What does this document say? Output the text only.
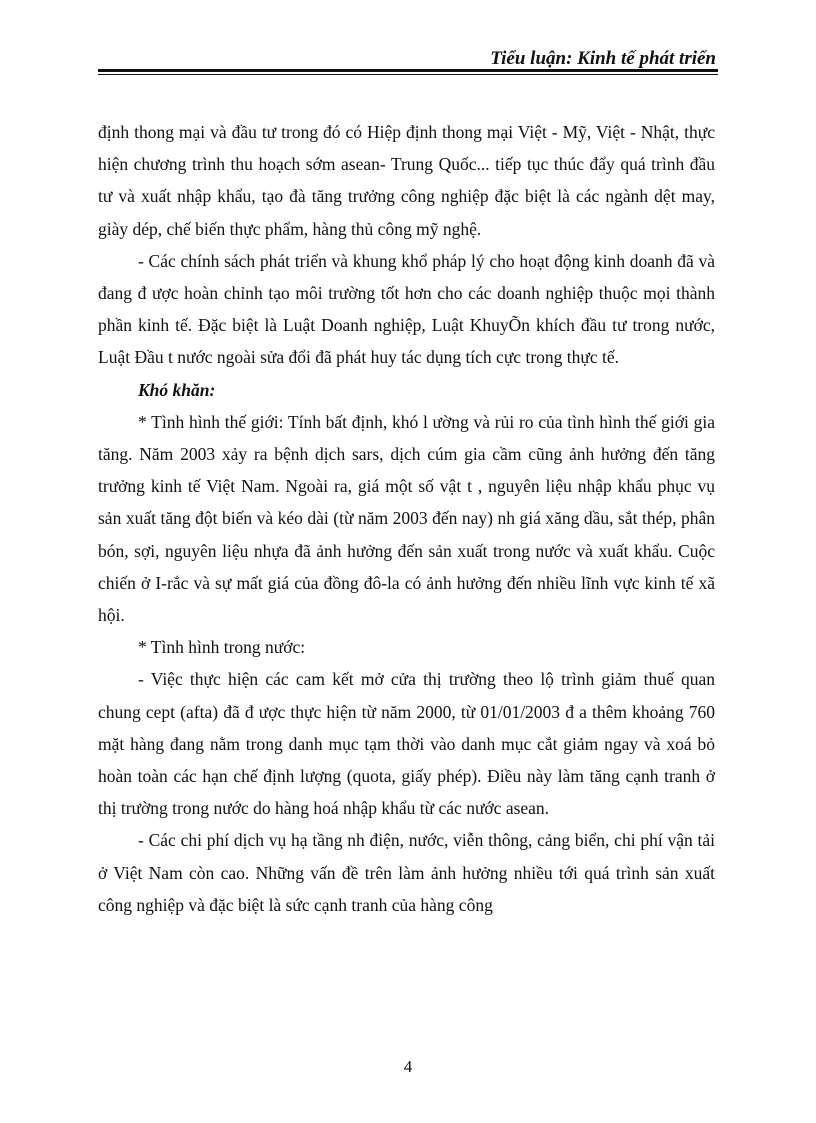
Tiểu luận: Kinh tế phát triển

định thong mại và đầu tư trong đó có Hiệp định thong mại Việt - Mỹ, Việt - Nhật, thực hiện chương trình thu hoạch sớm asean- Trung Quốc... tiếp tục thúc đẩy quá trình đầu tư và xuất nhập khẩu, tạo đà tăng trưởng công nghiệp đặc biệt là các ngành dệt may, giày dép, chế biến thực phẩm, hàng thủ công mỹ nghệ.

- Các chính sách phát triển và khung khổ pháp lý cho hoạt động kinh doanh đã và đang đ ược hoàn chỉnh tạo môi trường tốt hơn cho các doanh nghiệp thuộc mọi thành phần kinh tế. Đặc biệt là Luật Doanh nghiệp, Luật KhuyÕn khích đầu tư trong nước, Luật Đầu t nước ngoài sửa đổi đã phát huy tác dụng tích cực trong thực tế.

Khó khăn:

* Tình hình thế giới: Tính bất định, khó l ường và rủi ro của tình hình thế giới gia tăng. Năm 2003 xảy ra bệnh dịch sars, dịch cúm gia cầm cũng ảnh hưởng đến tăng trưởng kinh tế Việt Nam. Ngoài ra, giá một số vật t , nguyên liệu nhập khẩu phục vụ sản xuất tăng đột biến và kéo dài (từ năm 2003 đến nay) nh giá xăng dầu, sắt thép, phân bón, sợi, nguyên liệu nhựa đã ảnh hưởng đến sản xuất trong nước và xuất khẩu. Cuộc chiến ở I-rắc và sự mất giá của đồng đô-la có ảnh hưởng đến nhiều lĩnh vực kinh tế xã hội.

* Tình hình trong nước:

- Việc thực hiện các cam kết mở cửa thị trường theo lộ trình giảm thuế quan chung cept (afta) đã đ ược thực hiện từ năm 2000, từ 01/01/2003 đ a thêm khoảng 760 mặt hàng đang nằm trong danh mục tạm thời vào danh mục cắt giảm ngay và xoá bỏ hoàn toàn các hạn chế định lượng (quota, giấy phép). Điều này làm tăng cạnh tranh ở thị trường trong nước do hàng hoá nhập khẩu từ các nước asean.

- Các chi phí dịch vụ hạ tầng nh điện, nước, viễn thông, cảng biển, chi phí vận tải ở Việt Nam còn cao. Những vấn đề trên làm ảnh hưởng nhiều tới quá trình sản xuất công nghiệp và đặc biệt là sức cạnh tranh của hàng công

4
